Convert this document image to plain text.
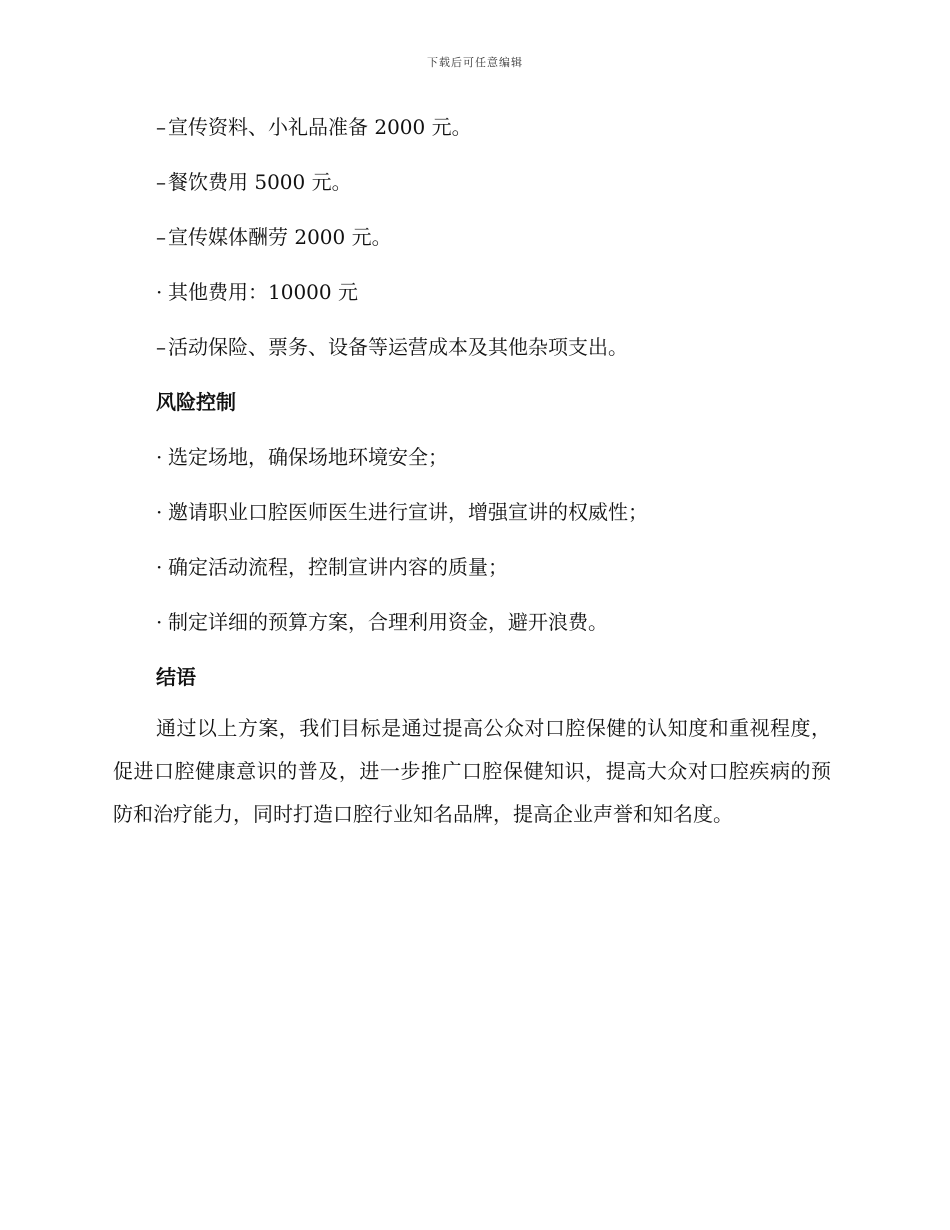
下载后可任意编辑
– 宣传资料、小礼品准备 2000 元。
– 餐饮费用 5000 元。
– 宣传媒体酬劳 2000 元。
· 其他费用：10000 元
– 活动保险、票务、设备等运营成本及其他杂项支出。
风险控制
· 选定场地，确保场地环境安全；
· 邀请职业口腔医师医生进行宣讲，增强宣讲的权威性；
· 确定活动流程，控制宣讲内容的质量；
· 制定详细的预算方案，合理利用资金，避开浪费。
结语
通过以上方案，我们目标是通过提高公众对口腔保健的认知度和重视程度，促进口腔健康意识的普及，进一步推广口腔保健知识，提高大众对口腔疾病的预防和治疗能力，同时打造口腔行业知名品牌，提高企业声誉和知名度。
